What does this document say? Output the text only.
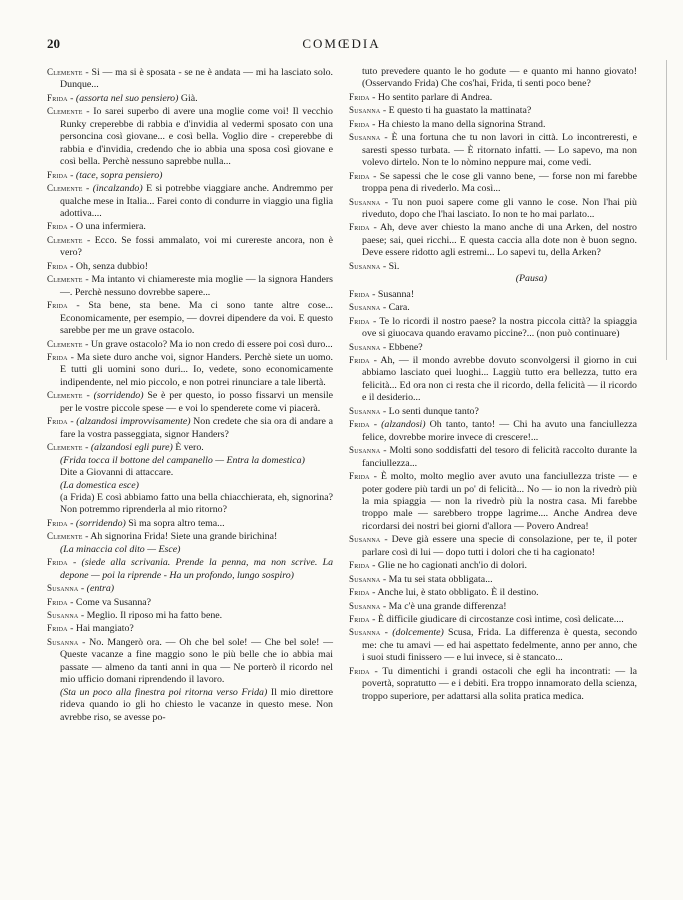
20	COMŒDIA

Clemente - Si — ma si è sposata - se ne è andata — mi ha lasciato solo. Dunque...

Frida - (assorta nel suo pensiero) Già.

Clemente - Io sarei superbo di avere una moglie come voi! Il vecchio Runky creperebbe di rabbia e d'invidia al vedermi sposato con una personcina così giovane... e così bella. Voglio dire - creperebbe di rabbia e d'invidia, credendo che io abbia una sposa così giovane e così bella. Perchè nessuno saprebbe nulla...

Frida - (tace, sopra pensiero)

Clemente - (incalzando) E si potrebbe viaggiare anche. Andremmo per qualche mese in Italia... Farei conto di condurre in viaggio una figlia adottiva....

Frida - O una infermiera.

Clemente - Ecco. Se fossi ammalato, voi mi curereste ancora, non è vero?

Frida - Oh, senza dubbio!

Clemente - Ma intanto vi chiamereste mia moglie — la signora Handers —. Perchè nessuno dovrebbe sapere...

Frida - Sta bene, sta bene. Ma ci sono tante altre cose... Economicamente, per esempio, — dovrei dipendere da voi. E questo sarebbe per me un grave ostacolo.

Clemente - Un grave ostacolo? Ma io non credo di essere poi così duro...

Frida - Ma siete duro anche voi, signor Handers. Perchè siete un uomo. E tutti gli uomini sono duri... Io, vedete, sono economicamente indipendente, nel mio piccolo, e non potrei rinunciare a tale libertà.

Clemente - (sorridendo) Se è per questo, io posso fissarvi un mensile per le vostre piccole spese — e voi lo spenderete come vi piacerà.

Frida - (alzandosi improvvisamente) Non credete che sia ora di andare a fare la vostra passeggiata, signor Handers?

Clemente - (alzandosi egli pure) È vero.

(Frida tocca il bottone del campanello — Entra la domestica)

Dite a Giovanni di attaccare.

(La domestica esce)

(a Frida) E così abbiamo fatto una bella chiacchierata, eh, signorina? Non potremmo riprenderla al mio ritorno?

Frida - (sorridendo) Sì ma sopra altro tema...

Clemente - Ah signorina Frida! Siete una grande birichina!

(La minaccia col dito — Esce)

Frida - (siede alla scrivania. Prende la penna, ma non scrive. La depone — poi la riprende - Ha un profondo, lungo sospiro)

Susanna - (entra)

Frida - Come va Susanna?

Susanna - Meglio. Il riposo mi ha fatto bene.

Frida - Hai mangiato?

Susanna - No. Mangerò ora. — Oh che bel sole! — Che bel sole! — Queste vacanze a fine maggio sono le più belle che io abbia mai passate — almeno da tanti anni in qua — Ne porterò il ricordo nel mio ufficio domani riprendendo il lavoro.

(Sta un poco alla finestra poi ritorna verso Frida) Il mio direttore rideva quando io gli ho chiesto le vacanze in questo mese. Non avrebbe riso, se avesse po-

tuto prevedere quanto le ho godute — e quanto mi hanno giovato! (Osservando Frida) Che cos'hai, Frida, ti senti poco bene?

Frida - Ho sentito parlare di Andrea.

Susanna - E questo ti ha guastato la mattinata?

Frida - Ha chiesto la mano della signorina Strand.

Susanna - È una fortuna che tu non lavori in città. Lo incontreresti, e saresti spesso turbata. — È ritornato infatti. — Lo sapevo, ma non volevo dirtelo. Non te lo nòmino neppure mai, come vedi.

Frida - Se sapessi che le cose gli vanno bene, — forse non mi farebbe troppa pena di rivederlo. Ma così...

Susanna - Tu non puoi sapere come gli vanno le cose. Non l'hai più riveduto, dopo che l'hai lasciato. Io non te ho mai parlato...

Frida - Ah, deve aver chiesto la mano anche di una Arken, del nostro paese; sai, quei ricchi... E questa caccia alla dote non è buon segno. Deve essere ridotto agli estremi... Lo sapevi tu, della Arken?

Susanna - Sì.

(Pausa)

Frida - Susanna!

Susanna - Cara.

Frida - Te lo ricordi il nostro paese? la nostra piccola città? la spiaggia ove si giuocava quando eravamo piccine?... (non può continuare)

Susanna - Ebbene?

Frida - Ah, — il mondo avrebbe dovuto sconvolgersi il giorno in cui abbiamo lasciato quei luoghi... Laggiù tutto era bellezza, tutto era felicità... Ed ora non ci resta che il ricordo, della felicità — il ricordo e il desiderio...

Susanna - Lo senti dunque tanto?

Frida - (alzandosi) Oh tanto, tanto! — Chi ha avuto una fanciullezza felice, dovrebbe morire invece di crescere!...

Susanna - Molti sono soddisfatti del tesoro di felicità raccolto durante la fanciullezza...

Frida - È molto, molto meglio aver avuto una fanciullezza triste — e poter godere più tardi un po' di felicità... No — io non la rivedrò più la mia spiaggia — non la rivedrò più la nostra casa. Mi farebbe troppo male — sarebbero troppe lagrime.... Anche Andrea deve ricordarsi dei nostri bei giorni d'allora — Povero Andrea!

Susanna - Deve già essere una specie di consolazione, per te, il poter parlare così di lui — dopo tutti i dolori che ti ha cagionato!

Frida - Glie ne ho cagionati anch'io di dolori.

Susanna - Ma tu sei stata obbligata...

Frida - Anche lui, è stato obbligato. È il destino.

Susanna - Ma c'è una grande differenza!

Frida - È difficile giudicare di circostanze così intime, così delicate....

Susanna - (dolcemente) Scusa, Frida. La differenza è questa, secondo me: che tu amavi — ed hai aspettato fedelmente, anno per anno, che i suoi studi finissero — e lui invece, si è stancato...

Frida - Tu dimentichi i grandi ostacoli che egli ha incontrati: — la povertà, sopratutto — e i debiti. Era troppo innamorato della scienza, troppo superiore, per adattarsi alla solita pratica medica.
